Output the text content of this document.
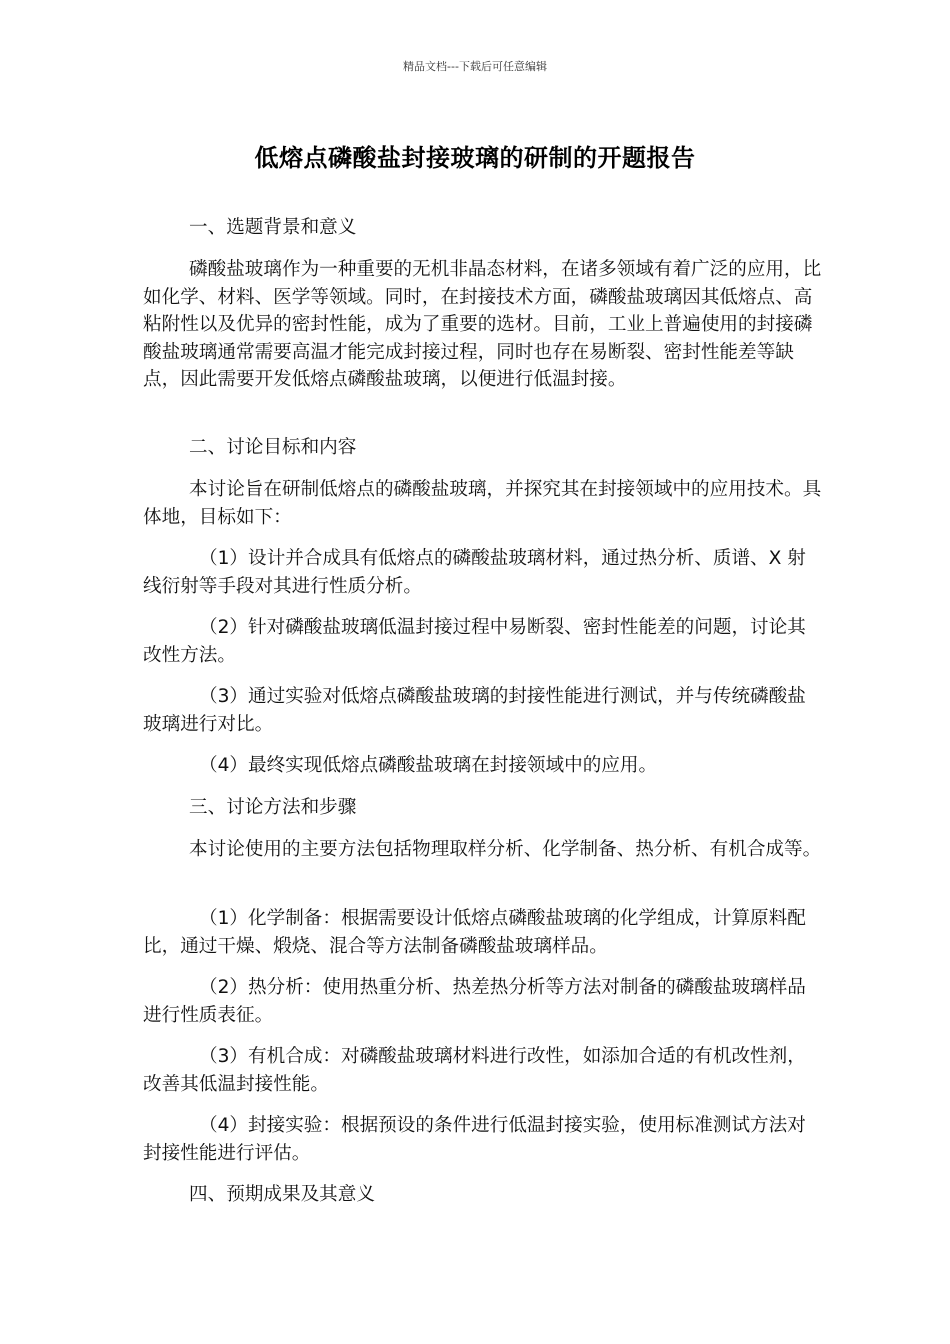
精品文档---下载后可任意编辑
低熔点磷酸盐封接玻璃的研制的开题报告
一、选题背景和意义
磷酸盐玻璃作为一种重要的无机非晶态材料，在诸多领域有着广泛的应用，比如化学、材料、医学等领域。同时，在封接技术方面，磷酸盐玻璃因其低熔点、高粘附性以及优异的密封性能，成为了重要的选材。目前，工业上普遍使用的封接磷酸盐玻璃通常需要高温才能完成封接过程，同时也存在易断裂、密封性能差等缺点，因此需要开发低熔点磷酸盐玻璃，以便进行低温封接。
二、讨论目标和内容
本讨论旨在研制低熔点的磷酸盐玻璃，并探究其在封接领域中的应用技术。具体地，目标如下：
（1）设计并合成具有低熔点的磷酸盐玻璃材料，通过热分析、质谱、X 射线衍射等手段对其进行性质分析。
（2）针对磷酸盐玻璃低温封接过程中易断裂、密封性能差的问题，讨论其改性方法。
（3）通过实验对低熔点磷酸盐玻璃的封接性能进行测试，并与传统磷酸盐玻璃进行对比。
（4）最终实现低熔点磷酸盐玻璃在封接领域中的应用。
三、讨论方法和步骤
本讨论使用的主要方法包括物理取样分析、化学制备、热分析、有机合成等。
（1）化学制备：根据需要设计低熔点磷酸盐玻璃的化学组成，计算原料配比，通过干燥、煅烧、混合等方法制备磷酸盐玻璃样品。
（2）热分析：使用热重分析、热差热分析等方法对制备的磷酸盐玻璃样品进行性质表征。
（3）有机合成：对磷酸盐玻璃材料进行改性，如添加合适的有机改性剂，改善其低温封接性能。
（4）封接实验：根据预设的条件进行低温封接实验，使用标准测试方法对封接性能进行评估。
四、预期成果及其意义
